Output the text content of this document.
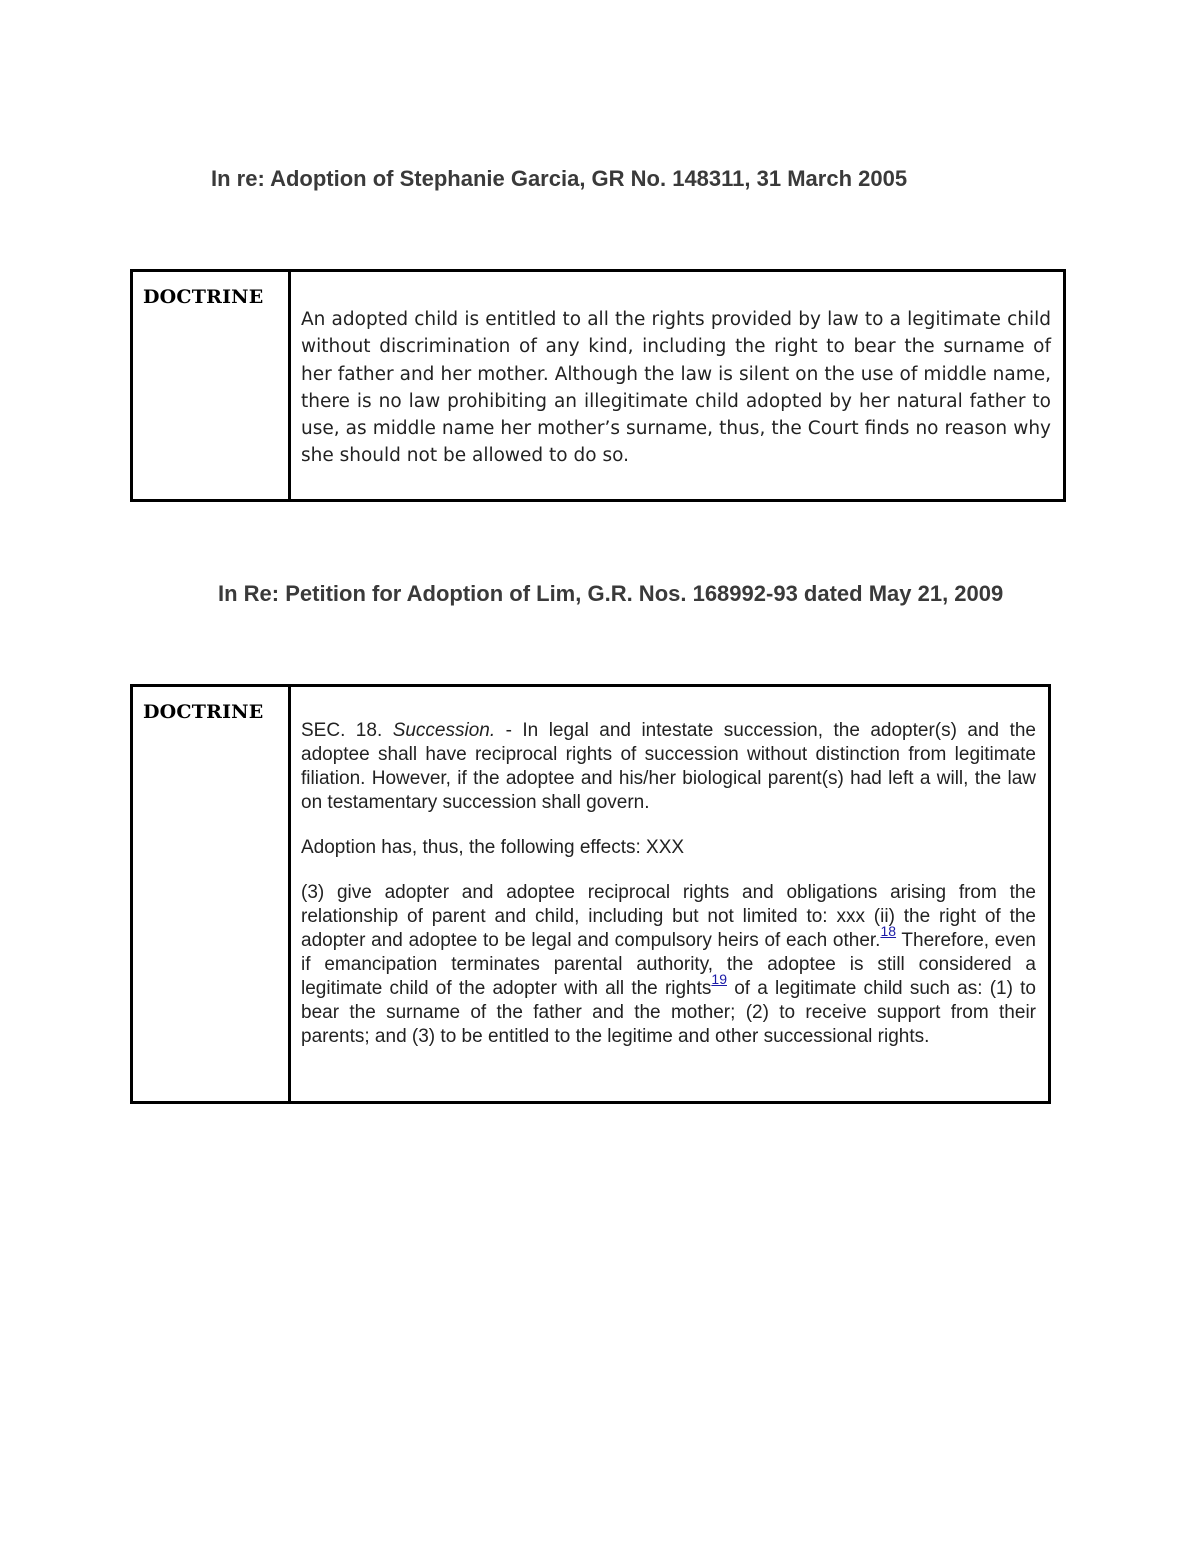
In re: Adoption of Stephanie Garcia, GR No. 148311, 31 March 2005
DOCTRINE
An adopted child is entitled to all the rights provided by law to a legitimate child without discrimination of any kind, including the right to bear the surname of her father and her mother. Although the law is silent on the use of middle name, there is no law prohibiting an illegitimate child adopted by her natural father to use, as middle name her mother’s surname, thus, the Court finds no reason why she should not be allowed to do so.
In Re: Petition for Adoption of Lim, G.R. Nos. 168992-93 dated May 21, 2009
DOCTRINE

SEC. 18. Succession. - In legal and intestate succession, the adopter(s) and the adoptee shall have reciprocal rights of succession without distinction from legitimate filiation. However, if the adoptee and his/her biological parent(s) had left a will, the law on testamentary succession shall govern.

Adoption has, thus, the following effects: XXX

(3) give adopter and adoptee reciprocal rights and obligations arising from the relationship of parent and child, including but not limited to: xxx (ii) the right of the adopter and adoptee to be legal and compulsory heirs of each other.$^{18}$ Therefore, even if emancipation terminates parental authority, the adoptee is still considered a legitimate child of the adopter with all the rights$^{19}$ of a legitimate child such as: (1) to bear the surname of the father and the mother; (2) to receive support from their parents; and (3) to be entitled to the legitime and other successional rights.
